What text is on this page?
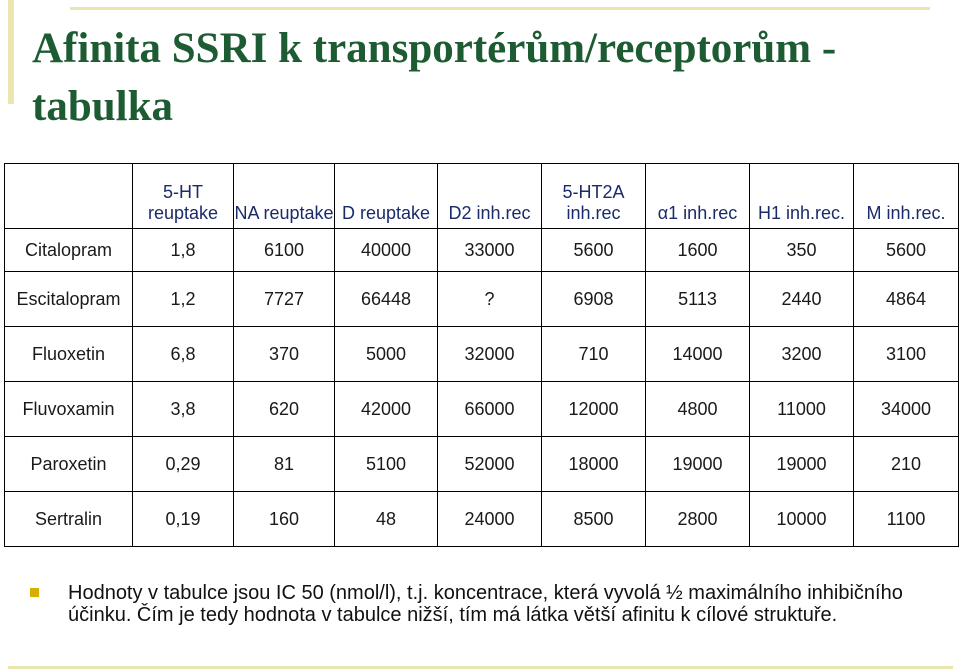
Afinita SSRI k transportérům/receptorům - tabulka
	5-HT reuptake	NA reuptake	D reuptake	D2 inh.rec	5-HT2A inh.rec	α1 inh.rec	H1 inh.rec.	M inh.rec.
Citalopram	1,8	6100	40000	33000	5600	1600	350	5600
Escitalopram	1,2	7727	66448	?	6908	5113	2440	4864
Fluoxetin	6,8	370	5000	32000	710	14000	3200	3100
Fluvoxamin	3,8	620	42000	66000	12000	4800	11000	34000
Paroxetin	0,29	81	5100	52000	18000	19000	19000	210
Sertralin	0,19	160	48	24000	8500	2800	10000	1100
Hodnoty v tabulce jsou IC 50 (nmol/l), t.j. koncentrace, která vyvolá ½ maximálního inhibičního účinku. Čím je tedy hodnota v tabulce nižší, tím má látka větší afinitu k cílové struktuře.
